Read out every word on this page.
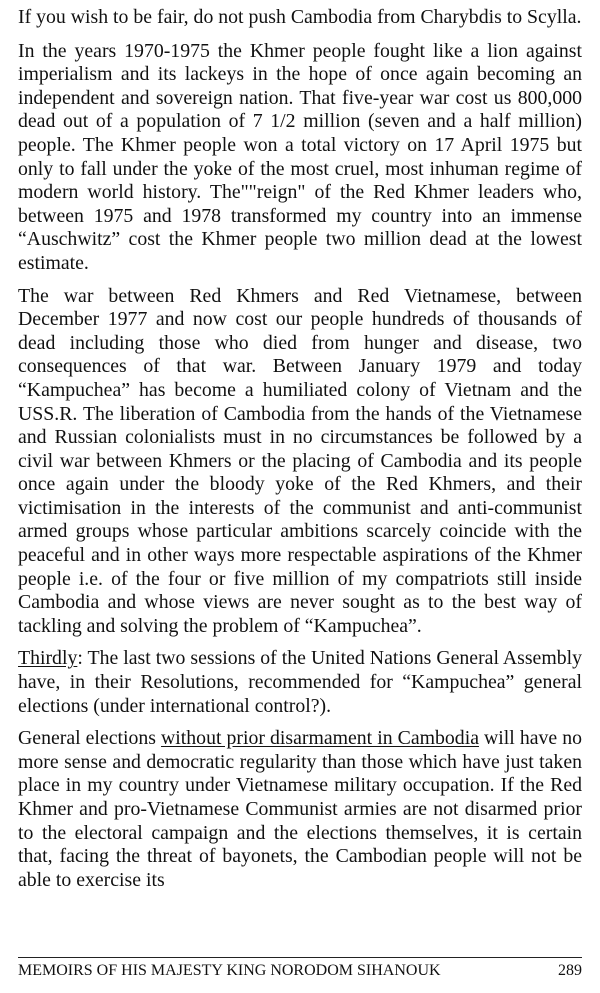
If you wish to be fair, do not push Cambodia from Charybdis to Scylla.

In the years 1970-1975 the Khmer people fought like a lion against imperialism and its lackeys in the hope of once again becoming an independent and sovereign nation. That five-year war cost us 800,000 dead out of a population of 7 1/2 million (seven and a half million) people. The Khmer people won a total victory on 17 April 1975 but only to fall under the yoke of the most cruel, most inhuman regime of modern world history. The""reign" of the Red Khmer leaders who, between 1975 and 1978 transformed my country into an immense “Auschwitz” cost the Khmer people two million dead at the lowest estimate.

The war between Red Khmers and Red Vietnamese, between December 1977 and now cost our people hundreds of thousands of dead including those who died from hunger and disease, two consequences of that war. Between January 1979 and today “Kampuchea” has become a humiliated colony of Vietnam and the USS.R. The liberation of Cambodia from the hands of the Vietnamese and Russian colonialists must in no circumstances be followed by a civil war between Khmers or the placing of Cambodia and its people once again under the bloody yoke of the Red Khmers, and their victimisation in the interests of the communist and anti-communist armed groups whose particular ambitions scarcely coincide with the peaceful and in other ways more respectable aspirations of the Khmer people i.e. of the four or five million of my compatriots still inside Cambodia and whose views are never sought as to the best way of tackling and solving the problem of “Kampuchea”.

Thirdly: The last two sessions of the United Nations General Assembly have, in their Resolutions, recommended for “Kampuchea” general elections (under international control?).

General elections without prior disarmament in Cambodia will have no more sense and democratic regularity than those which have just taken place in my country under Vietnamese military occupation. If the Red Khmer and pro-Vietnamese Communist armies are not disarmed prior to the electoral campaign and the elections themselves, it is certain that, facing the threat of bayonets, the Cambodian people will not be able to exercise its

MEMOIRS OF HIS MAJESTY KING NORODOM SIHANOUK	289
